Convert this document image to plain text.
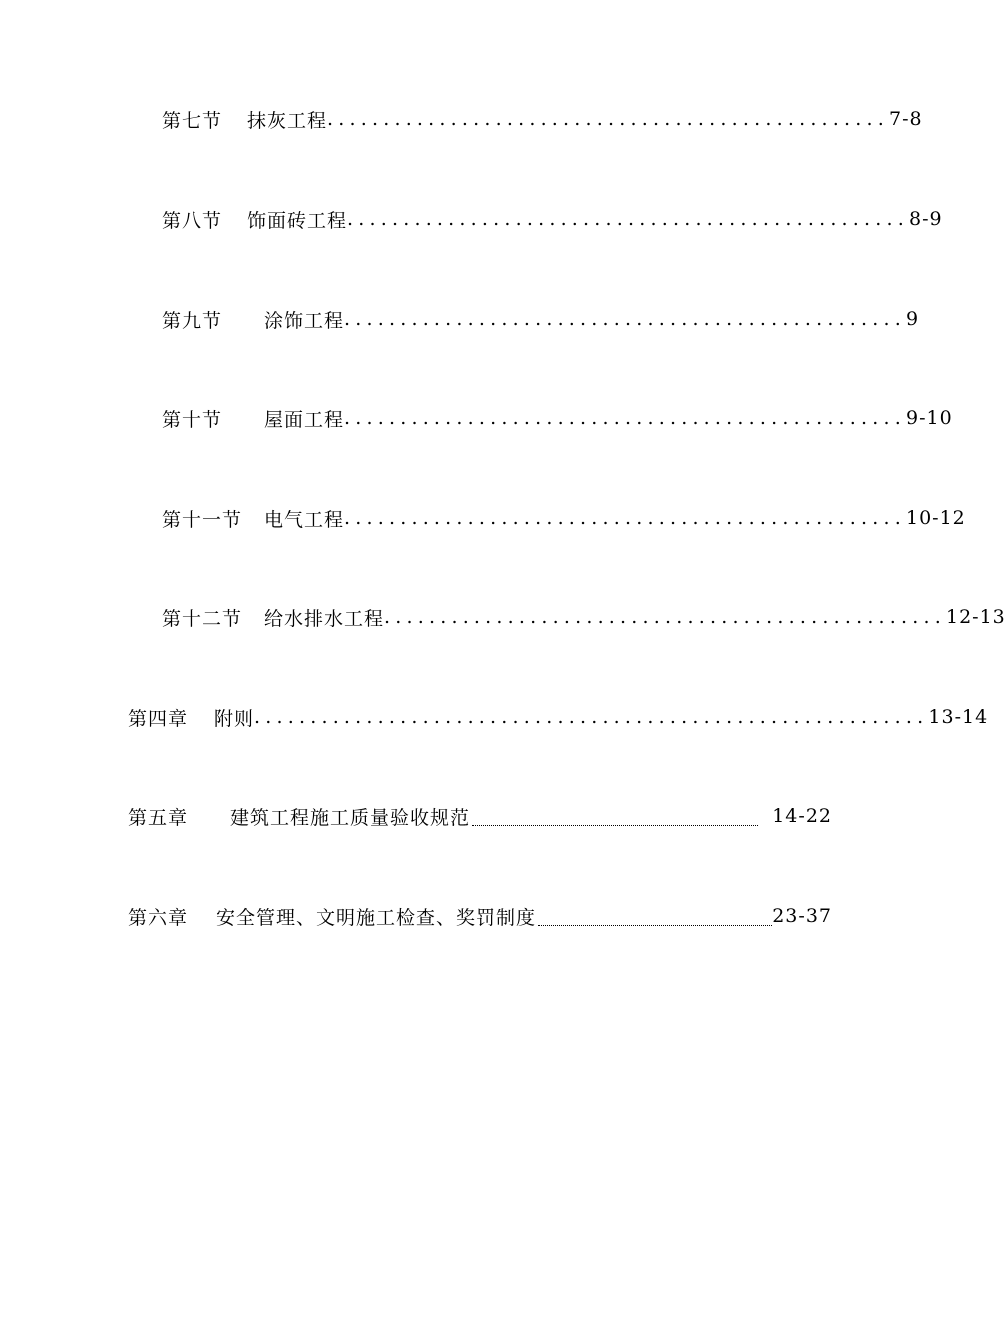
第七节	抹灰工程 .................................................. 7-8
第八节	饰面砖工程 .................................................. 8-9
第九节	涂饰工程 .................................................. 9
第十节	屋面工程 .................................................. 9-10
第十一节	电气工程 .................................................. 10-12
第十二节	给水排水工程 .................................................. 12-13
第四章	附则 ............................................................ 13-14
第五章	建筑工程施工质量验收规范	14-22
第六章	安全管理、文明施工检查、奖罚制度	23-37
